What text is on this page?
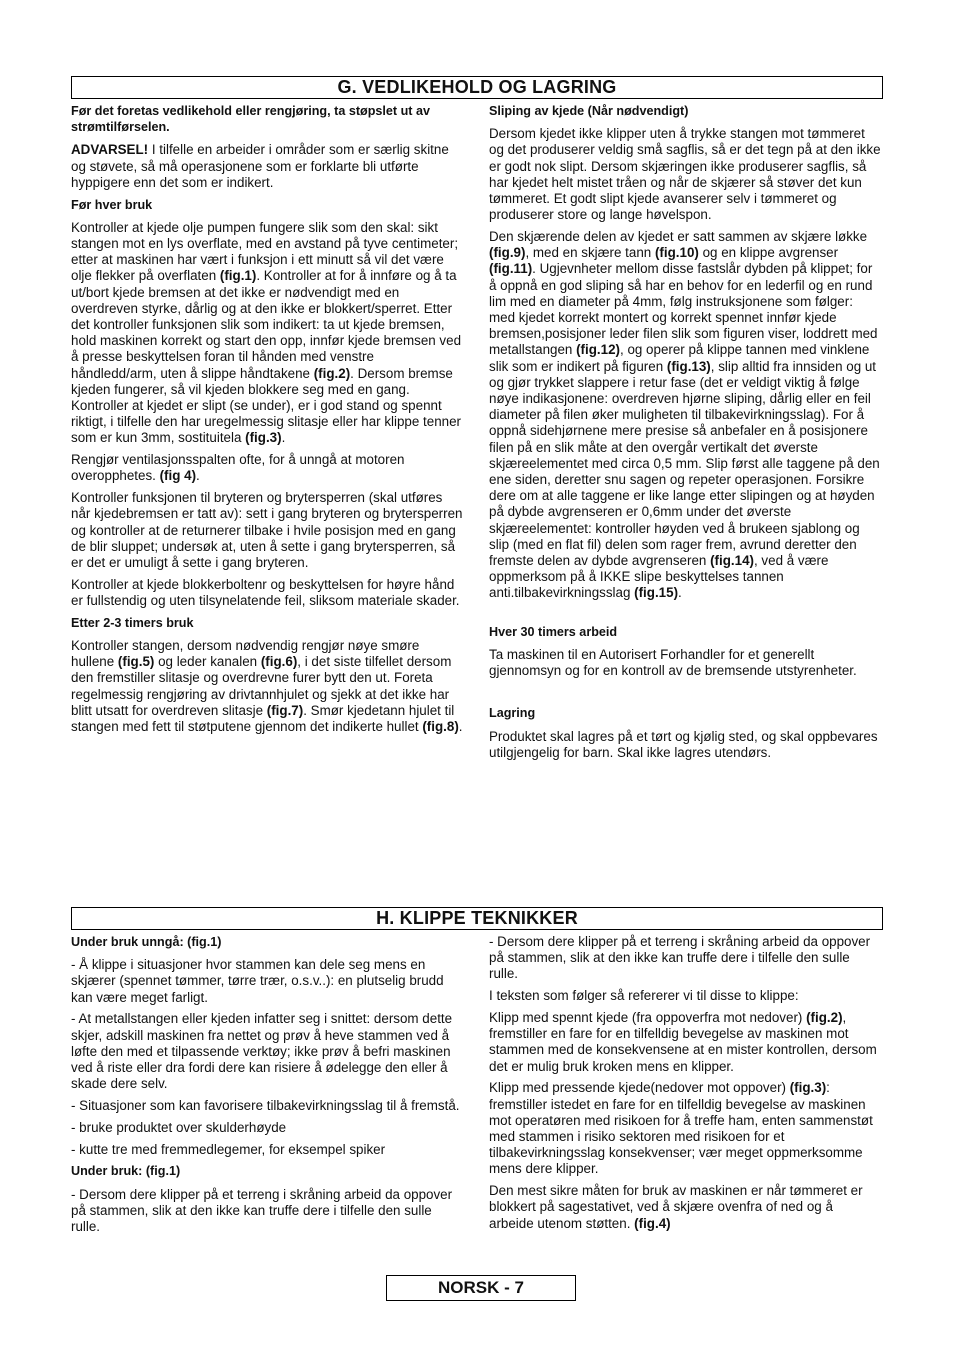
G. VEDLIKEHOLD OG LAGRING

Før det foretas vedlikehold eller rengjøring, ta støpslet ut av strømtilførselen.

ADVARSEL! I tilfelle en arbeider i områder som er særlig skitne og støvete, så må operasjonene som er forklarte bli utførte hyppigere enn det som er indikert.

Før hver bruk

Kontroller at kjede olje pumpen fungere slik som den skal: sikt stangen mot en lys overflate, med en avstand på tyve centimeter; etter at maskinen har vært i funksjon i ett minutt så vil det være olje flekker på overflaten (fig.1). Kontroller at for å innføre og å ta ut/bort kjede bremsen at det ikke er nødvendigt med en overdreven styrke, dårlig og at den ikke er blokkert/sperret. Etter det kontroller funksjonen slik som indikert: ta ut kjede bremsen, hold maskinen korrekt og start den opp, innfør kjede bremsen ved å presse beskyttelsen foran til hånden med venstre håndledd/arm, uten å slippe håndtakene (fig.2). Dersom bremse kjeden fungerer, så vil kjeden blokkere seg med en gang. Kontroller at kjedet er slipt (se under), er i god stand og spennt riktigt, i tilfelle den har uregelmessig slitasje eller har klippe tenner som er kun 3mm, sostituitela (fig.3).

Rengjør ventilasjonsspalten ofte, for å unngå at motoren overopphetes. (fig 4).

Kontroller funksjonen til bryteren og brytersperren (skal utføres når kjedebremsen er tatt av): sett i gang bryteren og brytersperren og kontroller at de returnerer tilbake i hvile posisjon med en gang de blir sluppet; undersøk at, uten å sette i gang brytersperren, så er det er umuligt å sette i gang bryteren.

Kontroller at kjede blokkerboltenr og beskyttelsen for høyre hånd er fullstendig og uten tilsynelatende feil, sliksom materiale skader.

Etter 2-3 timers bruk

Kontroller stangen, dersom nødvendig rengjør nøye smøre hullene (fig.5) og leder kanalen (fig.6), i det siste tilfellet dersom den fremstiller slitasje og overdrevne furer bytt den ut. Foreta regelmessig rengjøring av drivtannhjulet og sjekk at det ikke har blitt utsatt for overdreven slitasje (fig.7). Smør kjedetann hjulet til stangen med fett til støtputene gjennom det indikerte hullet (fig.8).

Sliping av kjede (Når nødvendigt)

Dersom kjedet ikke klipper uten å trykke stangen mot tømmeret og det produserer veldig små sagflis, så er det tegn på at den ikke er godt nok slipt. Dersom skjæringen ikke produserer sagflis, så har kjedet helt mistet tråen og når de skjærer så støver det kun tømmeret. Et godt slipt kjede avanserer selv i tømmeret og produserer store og lange høvelspon.

Den skjærende delen av kjedet er satt sammen av skjære løkke (fig.9), med en skjære tann (fig.10) og en klippe avgrenser (fig.11). Ugjevnheter mellom disse fastslår dybden på klippet; for å oppnå en god sliping så har en behov for en lederfil og en rund lim med en diameter på 4mm, følg instruksjonene som følger: med kjedet korrekt montert og korrekt spennet innfør kjede bremsen,posisjoner leder filen slik som figuren viser, loddrett med metallstangen (fig.12), og operer på klippe tannen med vinklene slik som er indikert på figuren (fig.13), slip alltid fra innsiden og ut og gjør trykket slappere i retur fase (det er veldigt viktig å følge nøye indikasjonene: overdreven hjørne sliping, dårlig eller en feil diameter på filen øker muligheten til tilbakevirkningsslag). For å oppnå sidehjørnene mere presise så anbefaler en å posisjonere filen på en slik måte at den overgår vertikalt det øverste skjæreelementet med circa 0,5 mm. Slip først alle taggene på den ene siden, deretter snu sagen og repeter operasjonen. Forsikre dere om at alle taggene er like lange etter slipingen og at høyden på dybde avgrenseren er 0,6mm under det øverste skjæreelementet: kontroller høyden ved å brukeen sjablong og slip (med en flat fil) delen som rager frem, avrund deretter den fremste delen av dybde avgrenseren (fig.14), ved å være oppmerksom på å IKKE slipe beskyttelses tannen anti.tilbakevirkningsslag (fig.15).

Hver 30 timers arbeid

Ta maskinen til en Autorisert Forhandler for et generellt gjennomsyn og for en kontroll av de bremsende utstyrenheter.

Lagring

Produktet skal lagres på et tørt og kjølig sted, og skal oppbevares utilgjengelig for barn. Skal ikke lagres utendørs.

H. KLIPPE TEKNIKKER

Under bruk unngå: (fig.1)

- Å klippe i situasjoner hvor stammen kan dele seg mens en skjærer (spennet tømmer, tørre trær, o.s.v..): en plutselig brudd kan være meget farligt.

- At metallstangen eller kjeden infatter seg i snittet: dersom dette skjer, adskill maskinen fra nettet og prøv å heve stammen ved å løfte den med et tilpassende verktøy; ikke prøv å befri maskinen ved å riste eller dra fordi dere kan risiere å ødelegge den eller å skade dere selv.

- Situasjoner som kan favorisere tilbakevirkningsslag til å fremstå.

- bruke produktet over skulderhøyde

- kutte tre med fremmedlegemer, for eksempel spiker

Under bruk: (fig.1)

- Dersom dere klipper på et terreng i skråning arbeid da oppover på stammen, slik at den ikke kan truffe dere i tilfelle den sulle rulle.

- Dersom dere klipper på et terreng i skråning arbeid da oppover på stammen, slik at den ikke kan truffe dere i tilfelle den sulle rulle.

I teksten som følger så refererer vi til disse to klippe:

Klipp med spennt kjede (fra oppoverfra mot nedover) (fig.2), fremstiller en fare for en tilfelldig bevegelse av maskinen mot stammen med de konsekvensene at en mister kontrollen, dersom det er mulig bruk kroken mens en klipper.

Klipp med pressende kjede(nedover mot oppover) (fig.3): fremstiller istedet en fare for en tilfelldig bevegelse av maskinen mot operatøren med risikoen for å treffe ham, enten sammenstøt med stammen i risiko sektoren med risikoen for et tilbakevirkningsslag konsekvenser; vær meget oppmerksomme mens dere klipper.

Den mest sikre måten for bruk av maskinen er når tømmeret er blokkert på sagestativet, ved å skjære ovenfra of ned og å arbeide utenom støtten. (fig.4)

NORSK - 7
